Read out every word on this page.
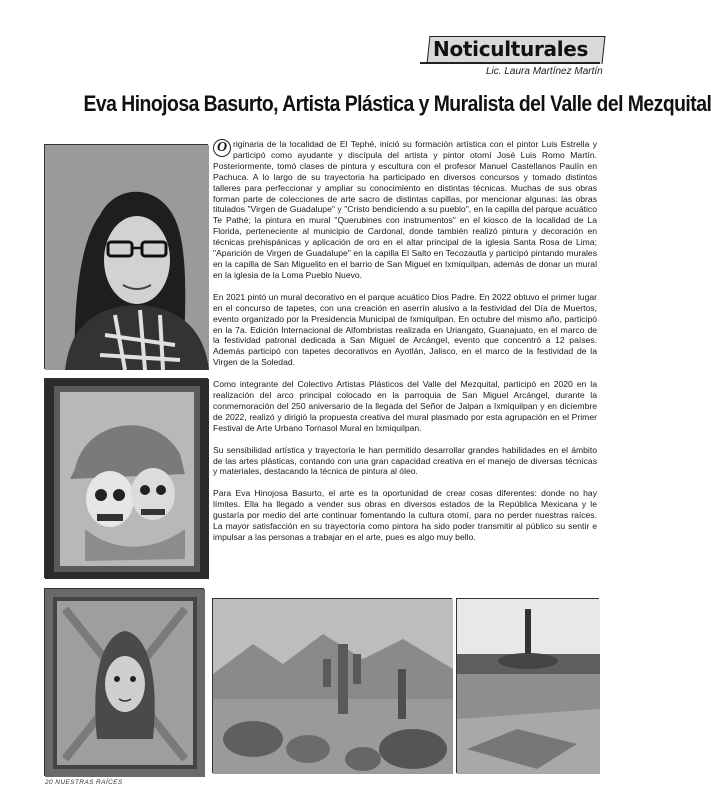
Noticulturales
Lic. Laura Martínez Martín
Eva Hinojosa Basurto, Artista Plástica y Muralista del Valle del Mezquital

O riginaria de la localidad de El Tephé, inició su formación artística con el pintor Luis Estrella y participó como ayudante y discípula del artista y pintor otomí José Luis Romo Martín. Posteriormente, tomó clases de pintura y escultura con el profesor Manuel Castellanos Paulín en Pachuca. A lo largo de su trayectoria ha participado en diversos concursos y tomado distintos talleres para perfeccionar y ampliar su conocimiento en distintas técnicas. Muchas de sus obras forman parte de colecciones de arte sacro de distintas capillas, por mencionar algunas: las obras titulados "Virgen de Guadalupe" y "Cristo bendiciendo a su pueblo", en la capilla del parque acuático Te Pathé; la pintura en mural "Querubines con instrumentos" en el kiosco de la localidad de La Florida, perteneciente al municipio de Cardonal, donde también realizó pintura y decoración en técnicas prehispánicas y aplicación de oro en el altar principal de la iglesia Santa Rosa de Lima; "Aparición de Virgen de Guadalupe" en la capilla El Salto en Tecozautla y participó pintando murales en la capilla de San Miguelito en el barrio de San Miguel en Ixmiquilpan, además de donar un mural en la iglesia de la Loma Pueblo Nuevo.

En 2021 pintó un mural decorativo en el parque acuático Dios Padre. En 2022 obtuvo el primer lugar en el concurso de tapetes, con una creación en aserrín alusivo a la festividad del Día de Muertos, evento organizado por la Presidencia Municipal de Ixmiquilpan. En octubre del mismo año, participó en la 7a. Edición Internacional de Alfombristas realizada en Uriangato, Guanajuato, en el marco de la festividad patronal dedicada a San Miguel de Arcángel, evento que concentró a 12 países. Además participó con tapetes decorativos en Ayotlán, Jalisco, en el marco de la festividad de la Virgen de la Soledad.

Como integrante del Colectivo Artistas Plásticos del Valle del Mezquital, participó en 2020 en la realización del arco principal colocado en la parroquia de San Miguel Arcángel, durante la conmemoración del 250 aniversario de la llegada del Señor de Jalpan a Ixmiquilpan y en diciembre de 2022, realizó y dirigió la propuesta creativa del mural plasmado por esta agrupación en el Primer Festival de Arte Urbano Tornasol Mural en Ixmiquilpan.

Su sensibilidad artística y trayectoria le han permitido desarrollar grandes habilidades en el ámbito de las artes plásticas, contando con una gran capacidad creativa en el manejo de diversas técnicas y materiales, destacando la técnica de pintura al óleo.

Para Eva Hinojosa Basurto, el arte es la oportunidad de crear cosas diferentes: donde no hay límites. Ella ha llegado a vender sus obras en diversos estados de la República Mexicana y le gustaría por medio del arte continuar fomentando la cultura otomí, para no perder nuestras raíces. La mayor satisfacción en su trayectoria como pintora ha sido poder transmitir al público su sentir e impulsar a las personas a trabajar en el arte, pues es algo muy bello.

20 NUESTRAS RAÍCES
